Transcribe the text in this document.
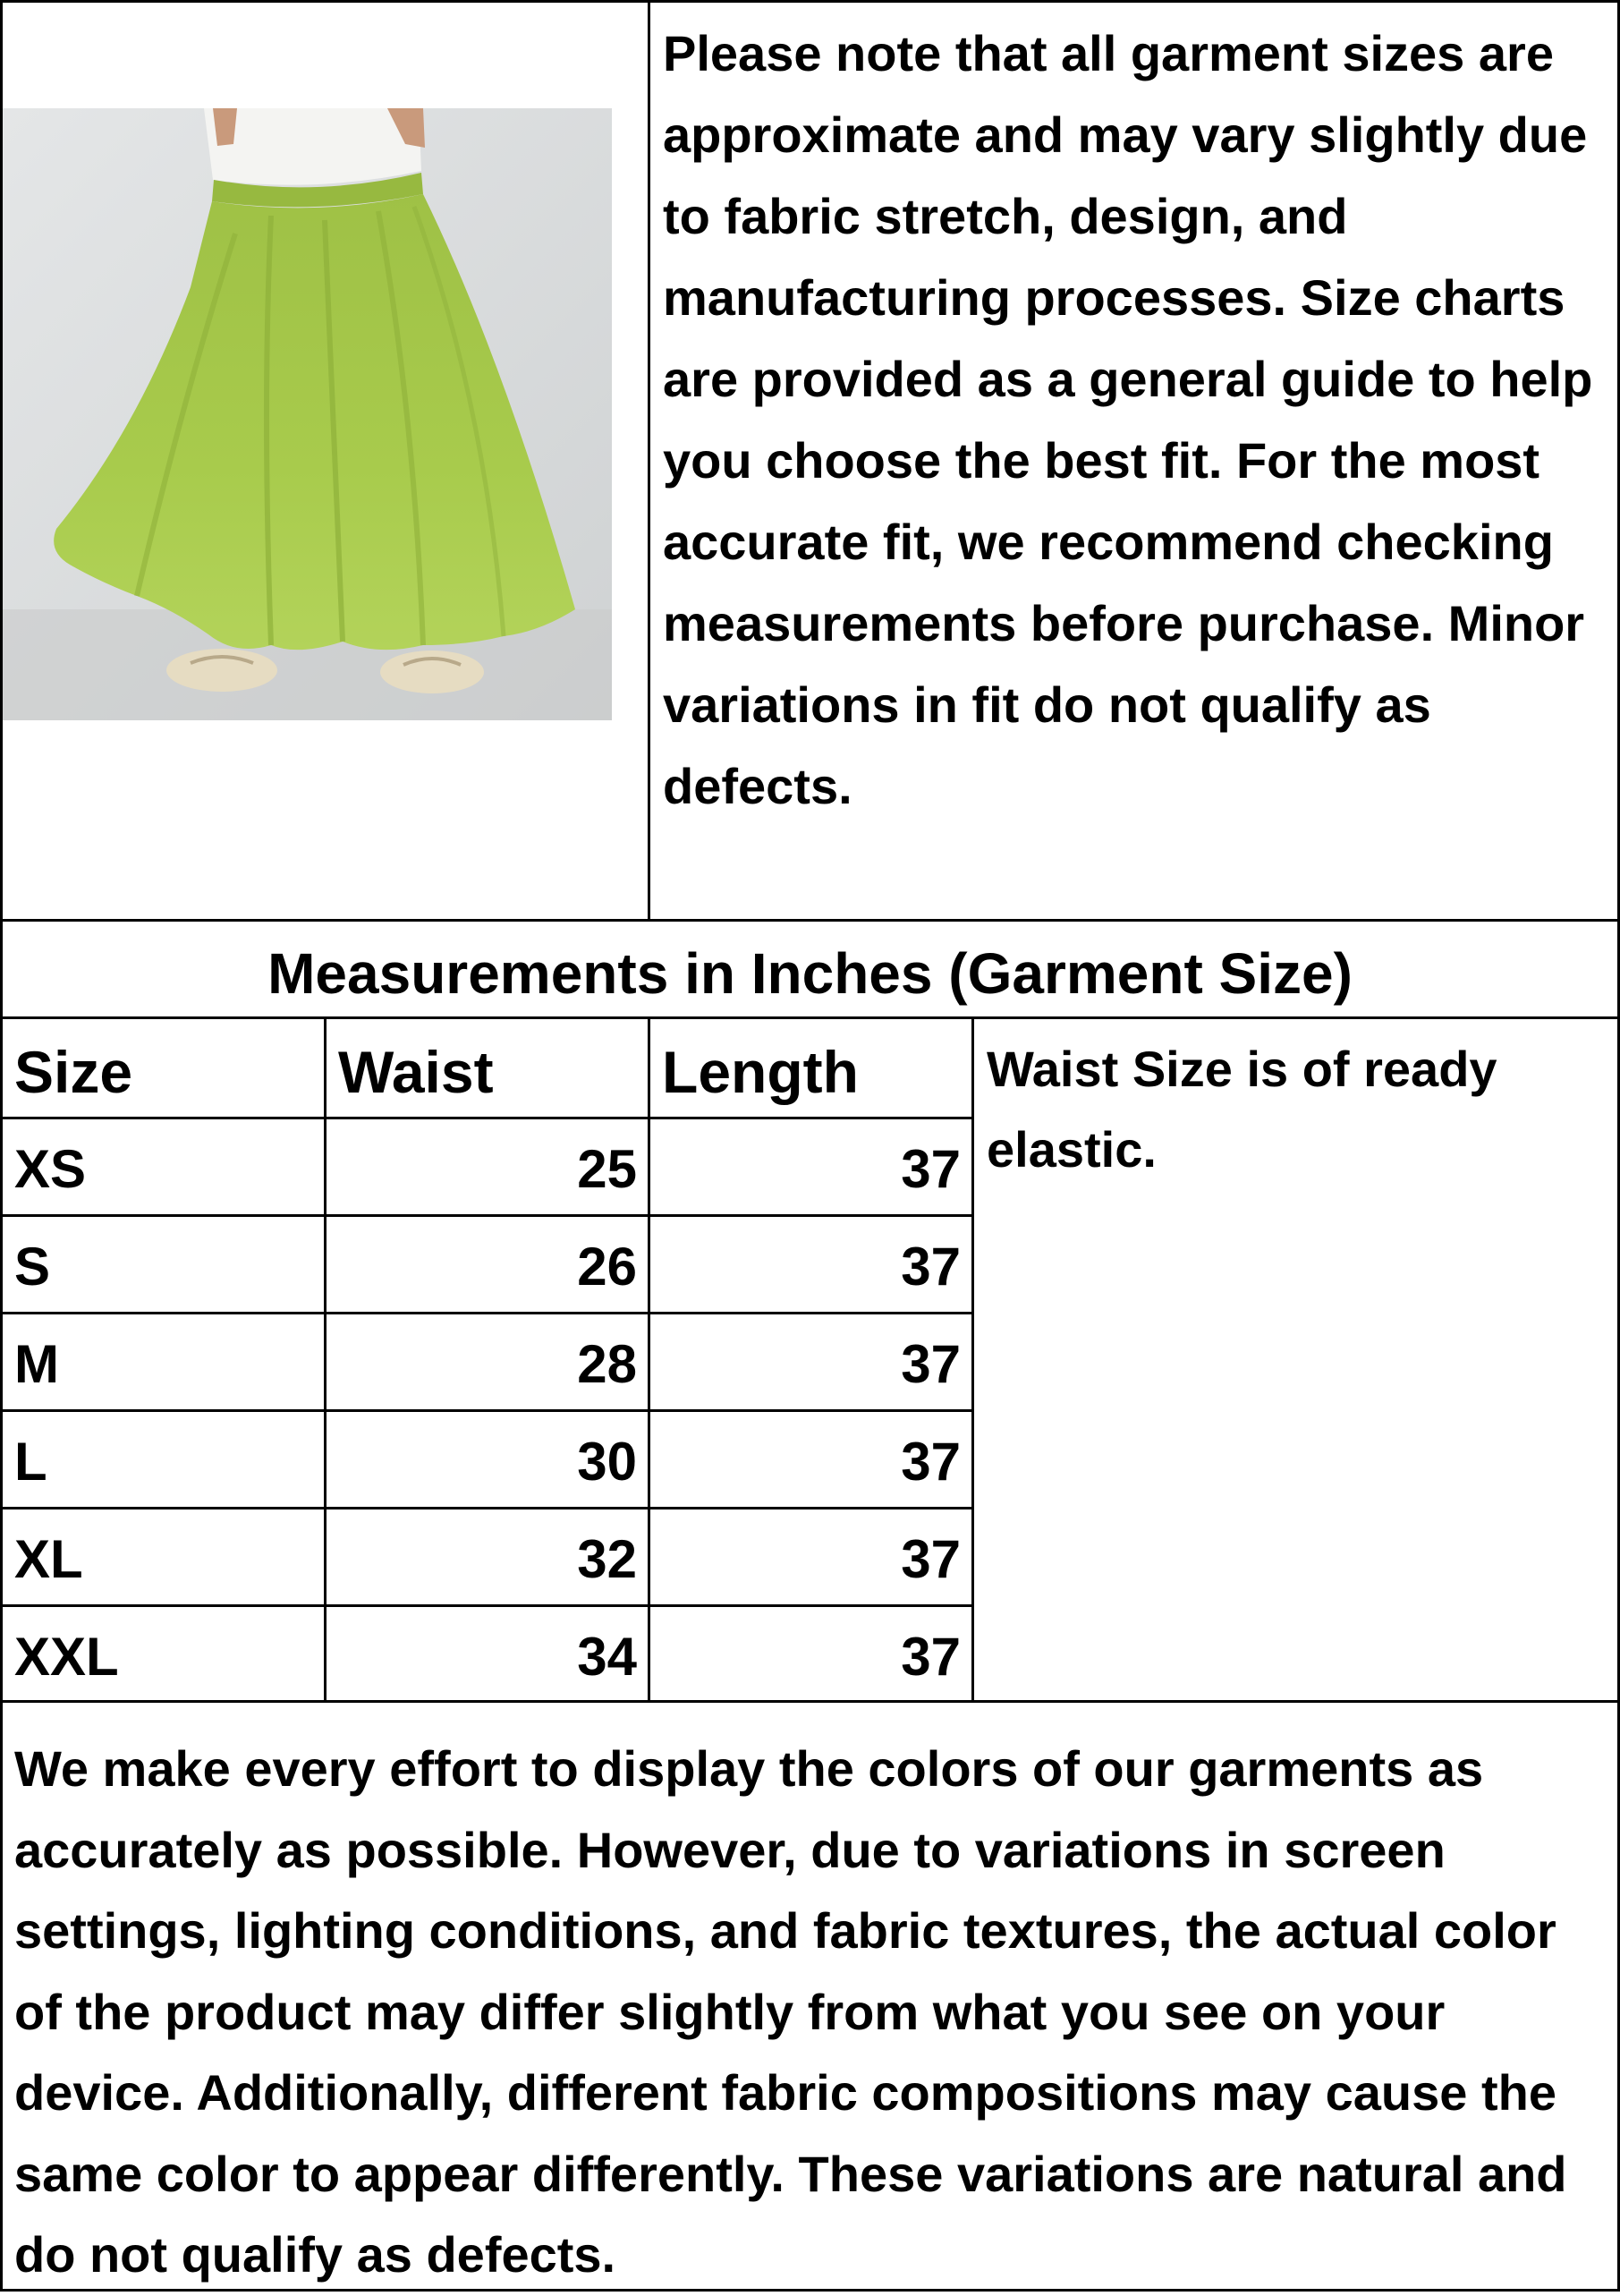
Please note that all garment sizes are approximate and may vary slightly due to fabric stretch, design, and manufacturing processes. Size charts are provided as a general guide to help you choose the best fit. For the most accurate fit, we recommend checking measurements before purchase. Minor variations in fit do not qualify as defects.
Measurements in Inches (Garment Size)
Size	Waist	Length
XS	25	37
S	26	37
M	28	37
L	30	37
XL	32	37
XXL	34	37
Waist Size is of ready elastic.
We make every effort to display the colors of our garments as accurately as possible. However, due to variations in screen settings, lighting conditions, and fabric textures, the actual color of the product may differ slightly from what you see on your device. Additionally, different fabric compositions may cause the same color to appear differently. These variations are natural and do not qualify as defects.
